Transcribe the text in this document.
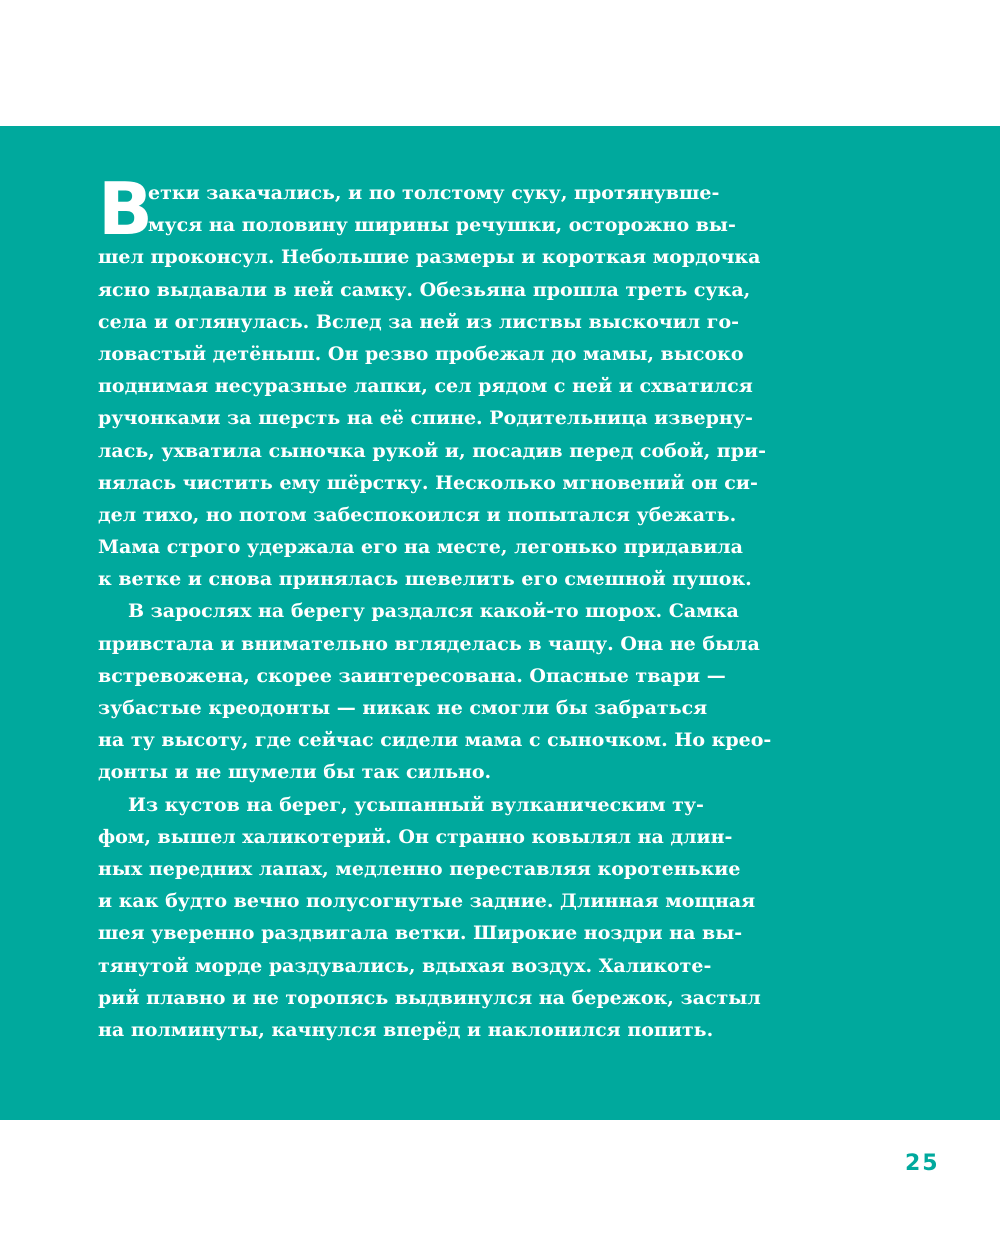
В
етки закачались, и по толстому суку, протянувше-
муся на половину ширины речушки, осторожно вы-
шел проконсул. Небольшие размеры и короткая мордочка
ясно выдавали в ней самку. Обезьяна прошла треть сука,
села и оглянулась. Вслед за ней из листвы выскочил го-
ловастый детёныш. Он резво пробежал до мамы, высоко
поднимая несуразные лапки, сел рядом с ней и схватился
ручонками за шерсть на её спине. Родительница изверну-
лась, ухватила сыночка рукой и, посадив перед собой, при-
нялась чистить ему шёрстку. Несколько мгновений он си-
дел тихо, но потом забеспокоился и попытался убежать.
Мама строго удержала его на месте, легонько придавила
к ветке и снова принялась шевелить его смешной пушок.
В зарослях на берегу раздался какой-то шорох. Самка
привстала и внимательно вгляделась в чащу. Она не была
встревожена, скорее заинтересована. Опасные твари —
зубастые креодонты — никак не смогли бы забраться
на ту высоту, где сейчас сидели мама с сыночком. Но крео-
донты и не шумели бы так сильно.
Из кустов на берег, усыпанный вулканическим ту-
фом, вышел халикотерий. Он странно ковылял на длин-
ных передних лапах, медленно переставляя коротенькие
и как будто вечно полусогнутые задние. Длинная мощная
шея уверенно раздвигала ветки. Широкие ноздри на вы-
тянутой морде раздувались, вдыхая воздух. Халикоте-
рий плавно и не торопясь выдвинулся на бережок, застыл
на полминуты, качнулся вперёд и наклонился попить.
25
